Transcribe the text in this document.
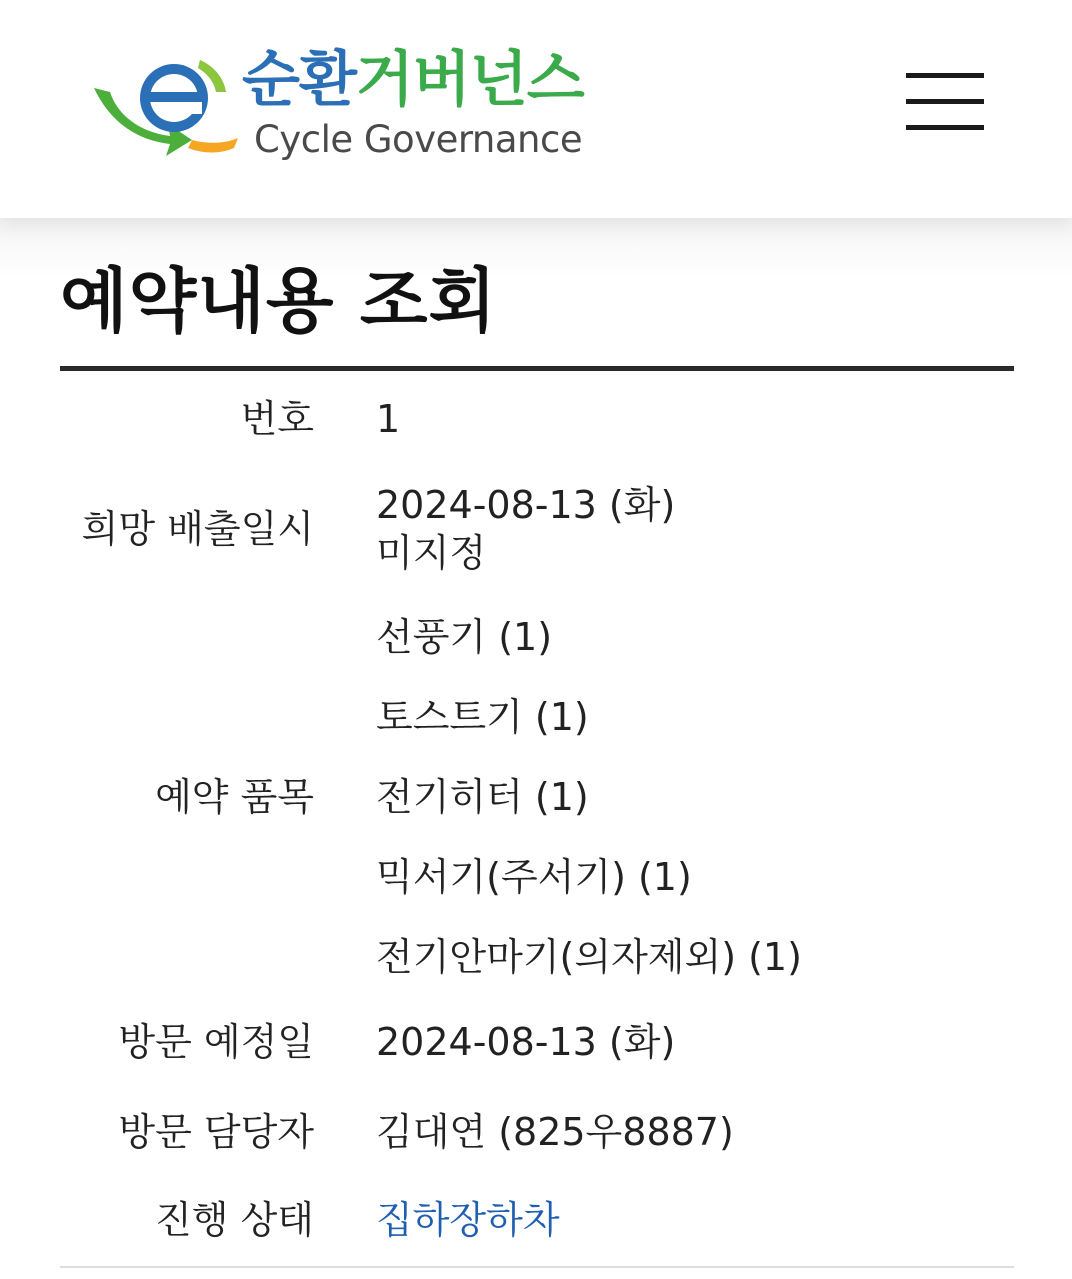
순환거버넌스
Cycle Governance
예약내용 조회
번호 1
희망 배출일시
2024-08-13 (화)
미지정
예약 품목
선풍기 (1)
토스트기 (1)
전기히터 (1)
믹서기(주서기) (1)
전기안마기(의자제외) (1)
방문 예정일 2024-08-13 (화)
방문 담당자 김대연 (825우8887)
진행 상태 집하장하차
